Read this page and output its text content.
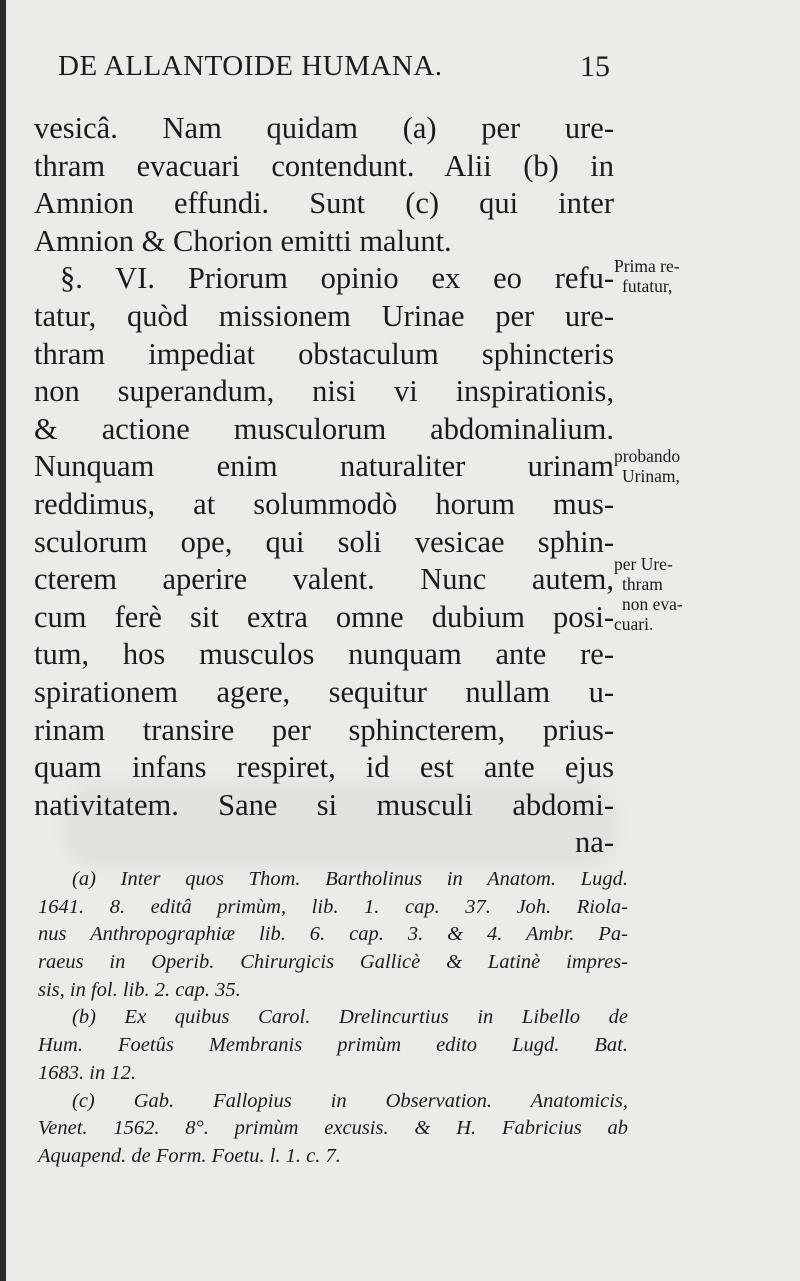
DE ALLANTOIDE HUMANA.	15
vesicâ. Nam quidam (a) per ure-
thram evacuari contendunt. Alii (b) in
Amnion effundi. Sunt (c) qui inter
Amnion & Chorion emitti malunt.
§. VI. Priorum opinio ex eo refu-
tatur, quòd missionem Urinae per ure-
thram impediat obstaculum sphincteris
non superandum, nisi vi inspirationis,
& actione musculorum abdominalium.
Nunquam enim naturaliter urinam
reddimus, at solummodò horum mus-
sculorum ope, qui soli vesicae sphin-
cterem aperire valent. Nunc autem,
cum ferè sit extra omne dubium posi-
tum, hos musculos nunquam ante re-
spirationem agere, sequitur nullam u-
rinam transire per sphincterem, prius-
quam infans respiret, id est ante ejus
nativitatem. Sane si musculi abdomi-
na-
Prima re-
futatur,
probando
Urinam,
per Ure-
thram
non eva-
cuari.
(a) Inter quos Thom. Bartholinus in Anatom. Lugd.
1641. 8. editâ primùm, lib. 1. cap. 37. Joh. Riola-
nus Anthropographiæ lib. 6. cap. 3. & 4. Ambr. Pa-
raeus in Operib. Chirurgicis Gallicè & Latinè impres-
sis, in fol. lib. 2. cap. 35.
(b) Ex quibus Carol. Drelincurtius in Libello de
Hum. Foetûs Membranis primùm edito Lugd. Bat.
1683. in 12.
(c) Gab. Fallopius in Observation. Anatomicis,
Venet. 1562. 8°. primùm excusis. & H. Fabricius ab
Aquapend. de Form. Foetu. l. 1. c. 7.
